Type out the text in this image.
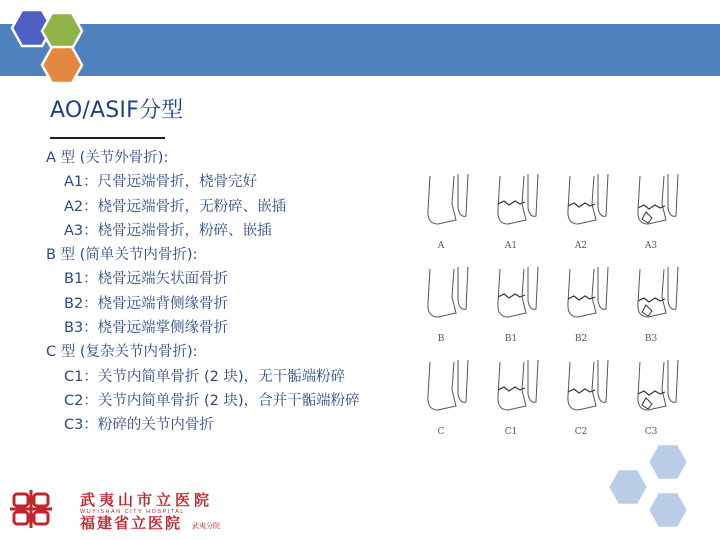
AO/ASIF分型
A 型 (关节外骨折):
A1：尺骨远端骨折，桡骨完好
A2：桡骨远端骨折，无粉碎、嵌插
A3：桡骨远端骨折，粉碎、嵌插
B 型 (简单关节内骨折):
B1：桡骨远端矢状面骨折
B2：桡骨远端背侧缘骨折
B3：桡骨远端掌侧缘骨折
C 型 (复杂关节内骨折):
C1：关节内简单骨折 (2 块)，无干骺端粉碎
C2：关节内简单骨折 (2 块)，合并干骺端粉碎
C3：粉碎的关节内骨折
A	A1	A2	A3
B	B1	B2	B3
C	C1	C2	C3
武夷山市立医院
WUYISHAN CITY HOSPITAL
福建省立医院 武夷分院
